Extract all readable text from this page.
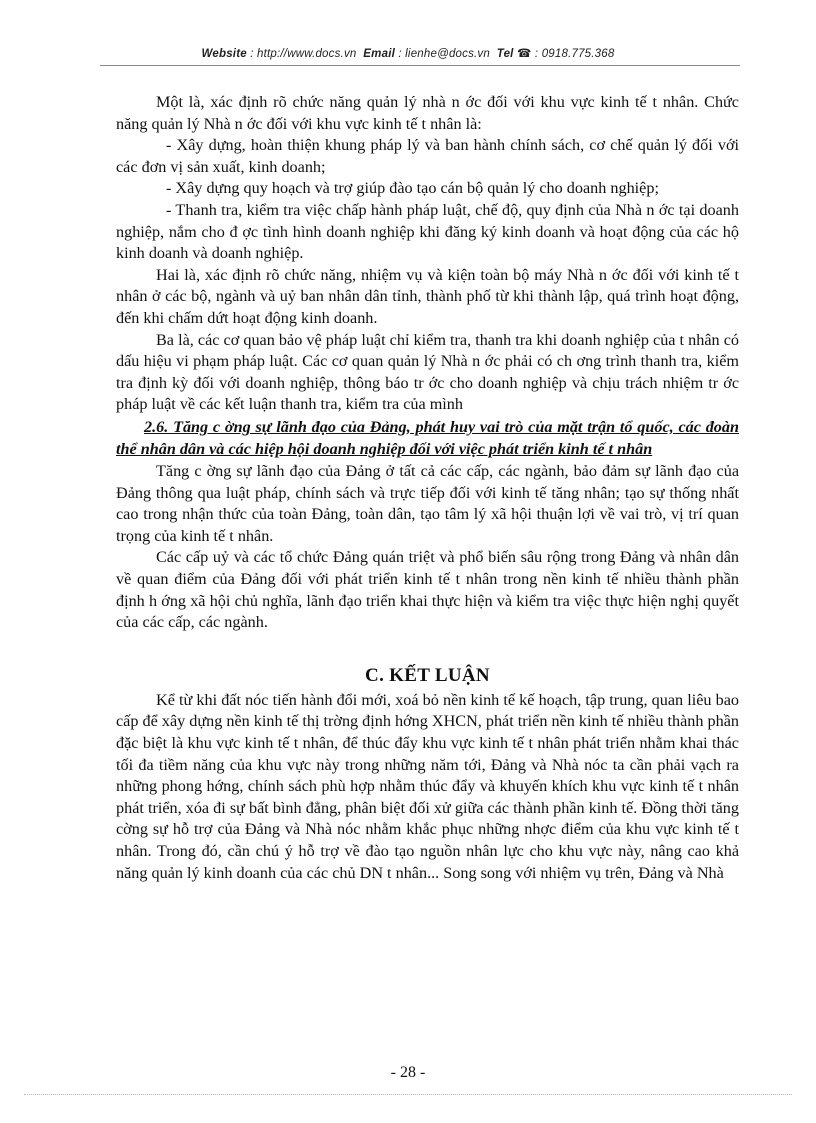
Website : http://www.docs.vn Email : lienhe@docs.vn Tel ☎ : 0918.775.368

Một là, xác định rõ chức năng quản lý nhà n ớc đối với khu vực kinh tế t nhân. Chức năng quản lý Nhà n ớc đối với khu vực kinh tế t nhân là:

- Xây dựng, hoàn thiện khung pháp lý và ban hành chính sách, cơ chế quản lý đối với các đơn vị sản xuất, kinh doanh;

- Xây dựng quy hoạch và trợ giúp đào tạo cán bộ quản lý cho doanh nghiệp;

- Thanh tra, kiểm tra việc chấp hành pháp luật, chế độ, quy định của Nhà n ớc tại doanh nghiệp, nắm cho đ ợc tình hình doanh nghiệp khi đăng ký kinh doanh và hoạt động của các hộ kinh doanh và doanh nghiệp.

Hai là, xác định rõ chức năng, nhiệm vụ và kiện toàn bộ máy Nhà n ớc đối với kinh tế t nhân ở các bộ, ngành và uỷ ban nhân dân tỉnh, thành phố từ khi thành lập, quá trình hoạt động, đến khi chấm dứt hoạt động kinh doanh.

Ba là, các cơ quan bảo vệ pháp luật chỉ kiểm tra, thanh tra khi doanh nghiệp của t nhân có dấu hiệu vi phạm pháp luật. Các cơ quan quản lý Nhà n ớc phải có ch ơng trình thanh tra, kiểm tra định kỳ đối với doanh nghiệp, thông báo tr ớc cho doanh nghiệp và chịu trách nhiệm tr ớc pháp luật về các kết luận thanh tra, kiểm tra của mình

2.6. Tăng c ờng sự lãnh đạo của Đảng, phát huy vai trò của mặt trận tổ quốc, các đoàn thể nhân dân và các hiệp hội doanh nghiệp đối với việc phát triển kinh tế t nhân

Tăng c ờng sự lãnh đạo của Đảng ở tất cả các cấp, các ngành, bảo đảm sự lãnh đạo của Đảng thông qua luật pháp, chính sách và trực tiếp đối với kinh tế tăng nhân; tạo sự thống nhất cao trong nhận thức của toàn Đảng, toàn dân, tạo tâm lý xã hội thuận lợi về vai trò, vị trí quan trọng của kinh tế t nhân.

Các cấp uỷ và các tổ chức Đảng quán triệt và phổ biến sâu rộng trong Đảng và nhân dân về quan điểm của Đảng đối với phát triển kinh tế t nhân trong nền kinh tế nhiều thành phần định h ớng xã hội chủ nghĩa, lãnh đạo triển khai thực hiện và kiểm tra việc thực hiện nghị quyết của các cấp, các ngành.

C. KẾT LUẬN

Kể từ khi đất nóc tiến hành đổi mới, xoá bỏ nền kinh tế kế hoạch, tập trung, quan liêu bao cấp để xây dựng nền kinh tế thị trờng định hớng XHCN, phát triển nền kinh tế nhiều thành phần đặc biệt là khu vực kinh tế t nhân, để thúc đẩy khu vực kinh tế t nhân phát triển nhằm khai thác tối đa tiềm năng của khu vực này trong những năm tới, Đảng và Nhà nóc ta cần phải vạch ra những phong hớng, chính sách phù hợp nhằm thúc đẩy và khuyến khích khu vực kinh tế t nhân phát triển, xóa đi sự bất bình đẳng, phân biệt đối xử giữa các thành phần kinh tế. Đồng thời tăng cờng sự hỗ trợ của Đảng và Nhà nóc nhằm khắc phục những nhợc điểm của khu vực kinh tế t nhân. Trong đó, cần chú ý hỗ trợ về đào tạo nguồn nhân lực cho khu vực này, nâng cao khả năng quản lý kinh doanh của các chủ DN t nhân... Song song với nhiệm vụ trên, Đảng và Nhà

- 28 -
